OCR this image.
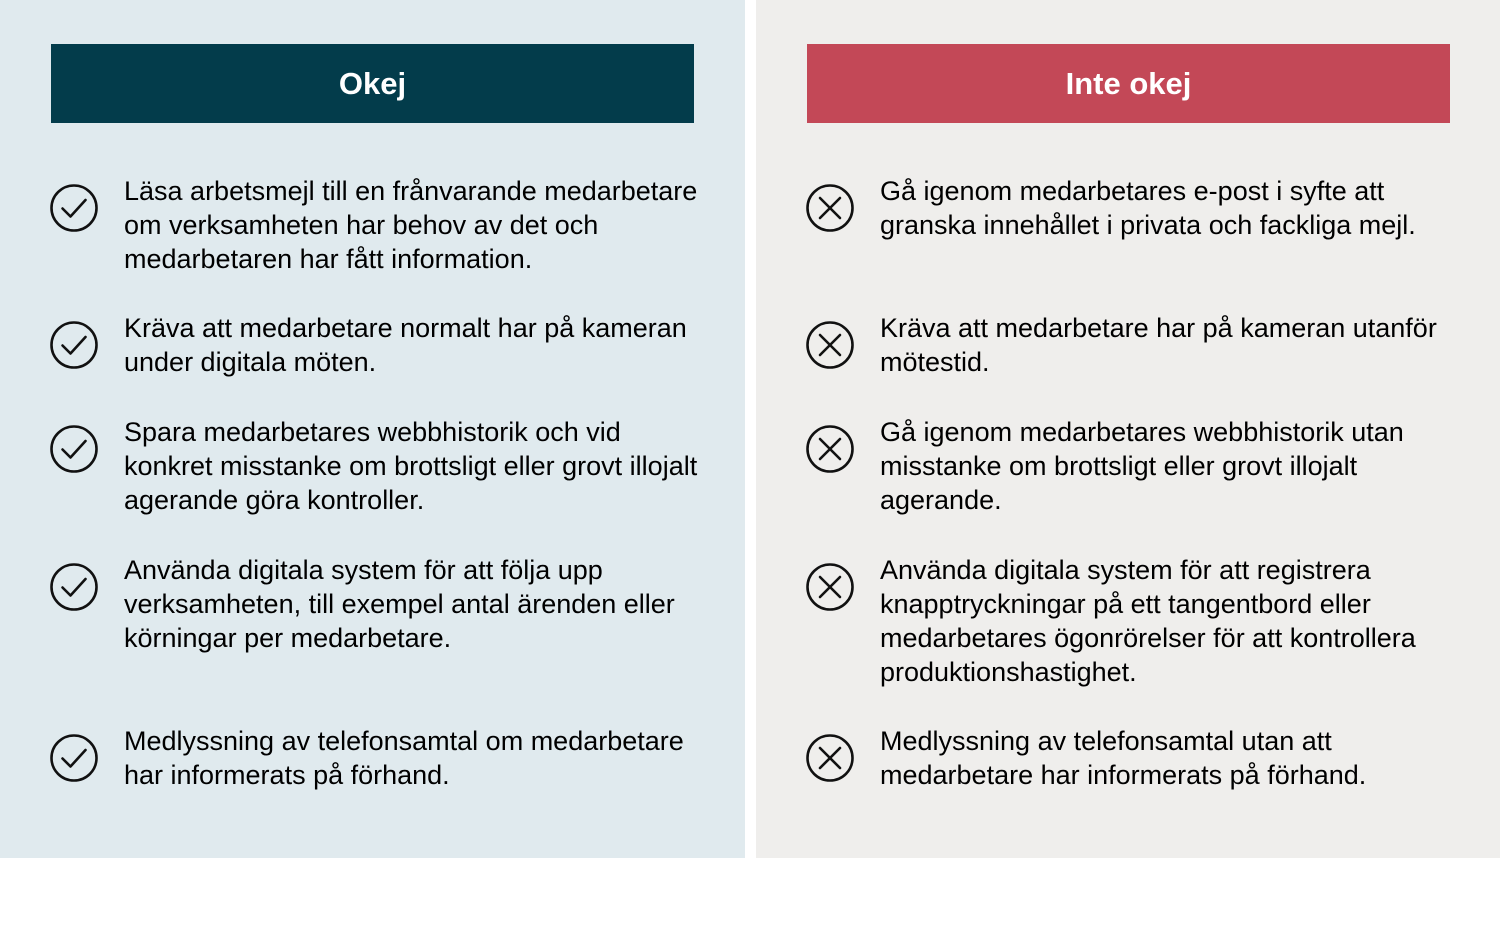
Okej
Läsa arbetsmejl till en frånvarande medarbetare om verksamheten har behov av det och medarbetaren har fått information.
Kräva att medarbetare normalt har på kameran under digitala möten.
Spara medarbetares webbhistorik och vid konkret misstanke om brottsligt eller grovt illojalt agerande göra kontroller.
Använda digitala system för att följa upp verksamheten, till exempel antal ärenden eller körningar per medarbetare.
Medlyssning av telefonsamtal om medarbetare har informerats på förhand.
Inte okej
Gå igenom medarbetares e-post i syfte att granska innehållet i privata och fackliga mejl.
Kräva att medarbetare har på kameran utanför mötestid.
Gå igenom medarbetares webbhistorik utan misstanke om brottsligt eller grovt illojalt agerande.
Använda digitala system för att registrera knapptryckningar på ett tangentbord eller medarbetares ögonrörelser för att kontrollera produktionshastighet.
Medlyssning av telefonsamtal utan att medarbetare har informerats på förhand.
